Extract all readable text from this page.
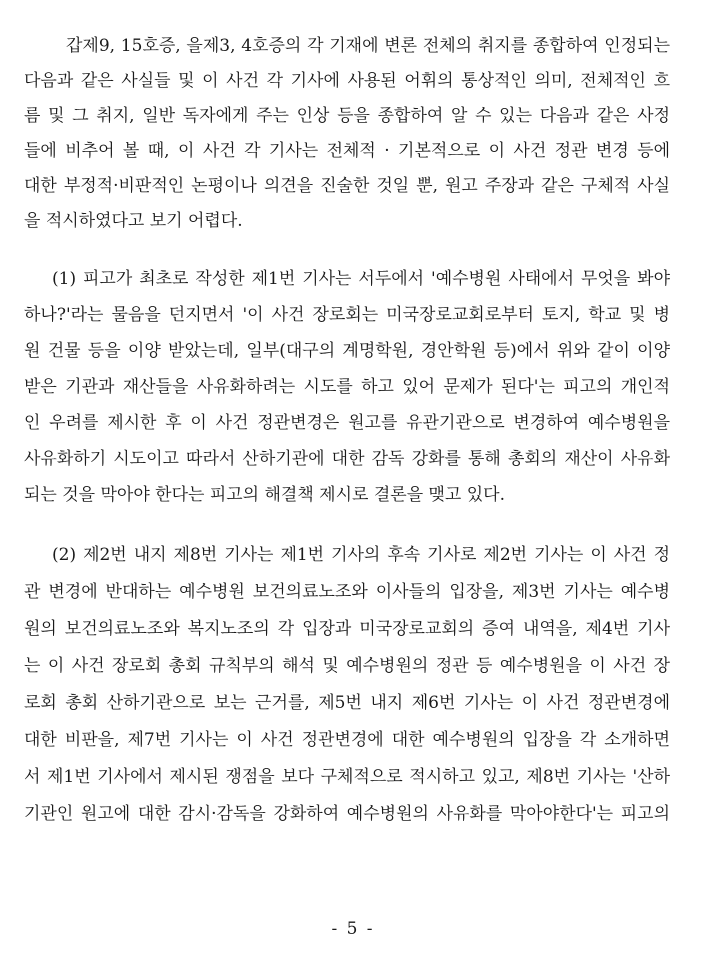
갑제9, 15호증, 을제3, 4호증의 각 기재에 변론 전체의 취지를 종합하여 인정되는
다음과 같은 사실들 및 이 사건 각 기사에 사용된 어휘의 통상적인 의미, 전체적인 흐
름 및 그 취지, 일반 독자에게 주는 인상 등을 종합하여 알 수 있는 다음과 같은 사정
들에 비추어 볼 때, 이 사건 각 기사는 전체적 · 기본적으로 이 사건 정관 변경 등에
대한 부정적·비판적인 논평이나 의견을 진술한 것일 뿐, 원고 주장과 같은 구체적 사실
을 적시하였다고 보기 어렵다.
(1) 피고가 최초로 작성한 제1번 기사는 서두에서 '예수병원 사태에서 무엇을 봐야
하나?'라는 물음을 던지면서 '이 사건 장로회는 미국장로교회로부터 토지, 학교 및 병
원 건물 등을 이양 받았는데, 일부(대구의 계명학원, 경안학원 등)에서 위와 같이 이양
받은 기관과 재산들을 사유화하려는 시도를 하고 있어 문제가 된다'는 피고의 개인적
인 우려를 제시한 후 이 사건 정관변경은 원고를 유관기관으로 변경하여 예수병원을
사유화하기 시도이고 따라서 산하기관에 대한 감독 강화를 통해 총회의 재산이 사유화
되는 것을 막아야 한다는 피고의 해결책 제시로 결론을 맺고 있다.
(2) 제2번 내지 제8번 기사는 제1번 기사의 후속 기사로 제2번 기사는 이 사건 정
관 변경에 반대하는 예수병원 보건의료노조와 이사들의 입장을, 제3번 기사는 예수병
원의 보건의료노조와 복지노조의 각 입장과 미국장로교회의 증여 내역을, 제4번 기사
는 이 사건 장로회 총회 규칙부의 해석 및 예수병원의 정관 등 예수병원을 이 사건 장
로회 총회 산하기관으로 보는 근거를, 제5번 내지 제6번 기사는 이 사건 정관변경에
대한 비판을, 제7번 기사는 이 사건 정관변경에 대한 예수병원의 입장을 각 소개하면
서 제1번 기사에서 제시된 쟁점을 보다 구체적으로 적시하고 있고, 제8번 기사는 '산하
기관인 원고에 대한 감시·감독을 강화하여 예수병원의 사유화를 막아야한다'는 피고의
- 5 -
